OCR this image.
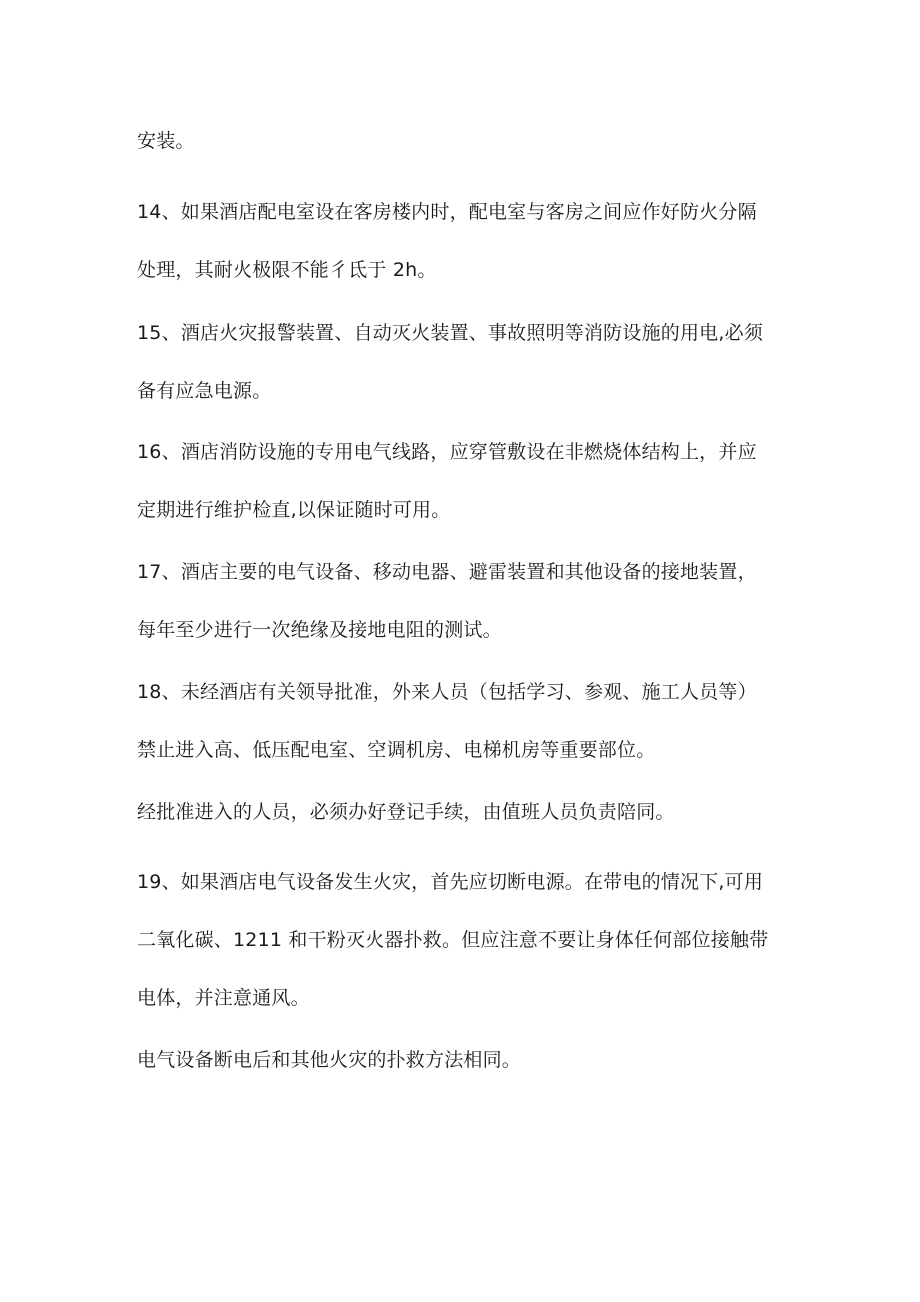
安装。

14、如果酒店配电室设在客房楼内时，配电室与客房之间应作好防火分隔
处理，其耐火极限不能彳氐于 2h。

15、酒店火灾报警装置、自动灭火装置、事故照明等消防设施的用电,必须
备有应急电源。

16、酒店消防设施的专用电气线路，应穿管敷设在非燃烧体结构上，并应
定期进行维护检直,以保证随时可用。

17、酒店主要的电气设备、移动电器、避雷装置和其他设备的接地装置，
每年至少进行一次绝缘及接地电阻的测试。

18、未经酒店有关领导批准，外来人员（包括学习、参观、施工人员等）
禁止进入高、低压配电室、空调机房、电梯机房等重要部位。

经批准进入的人员，必须办好登记手续，由值班人员负责陪同。

19、如果酒店电气设备发生火灾，首先应切断电源。在带电的情况下,可用
二氧化碳、1211 和干粉灭火器扑救。但应注意不要让身体任何部位接触带
电体，并注意通风。

电气设备断电后和其他火灾的扑救方法相同。
